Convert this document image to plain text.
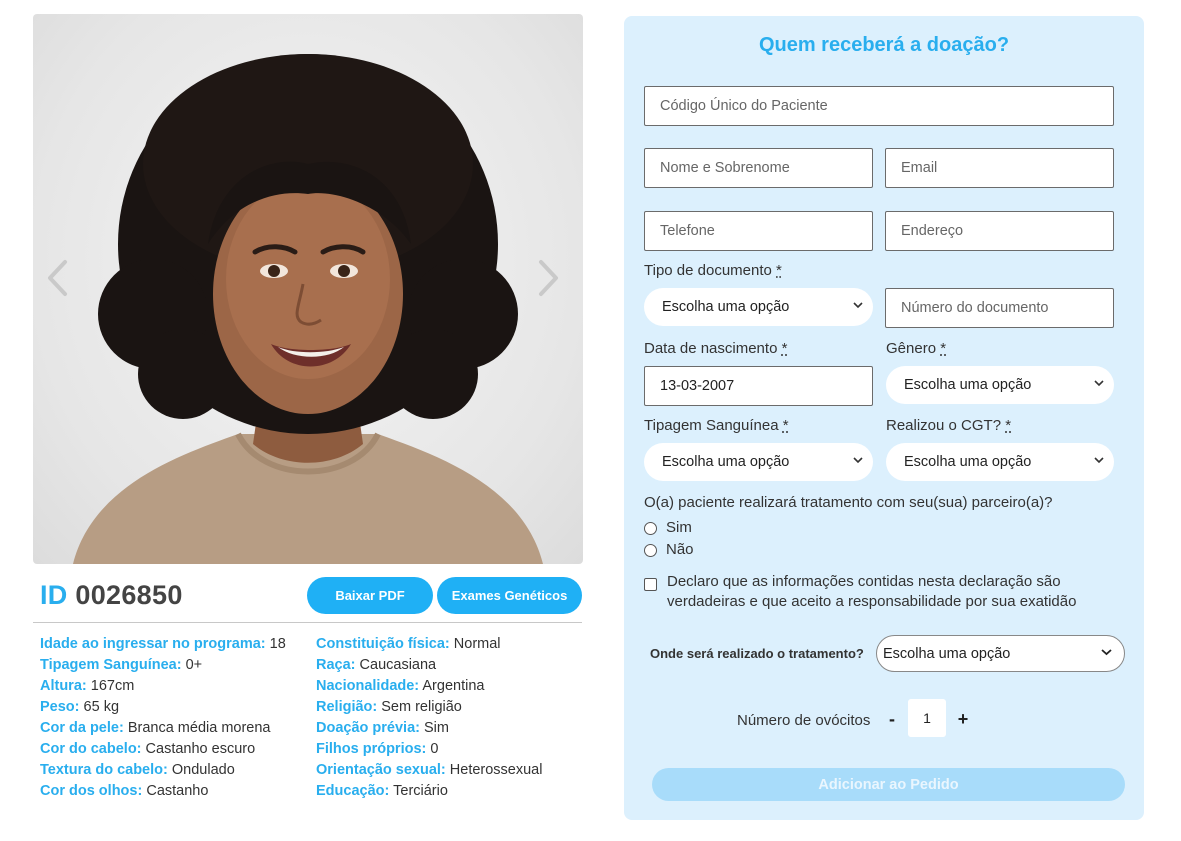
ID 0026850	Baixar PDF	Exames Genéticos
Idade ao ingressar no programa: 18
Tipagem Sanguínea: 0+
Altura: 167cm
Peso: 65 kg
Cor da pele: Branca média morena
Cor do cabelo: Castanho escuro
Textura do cabelo: Ondulado
Cor dos olhos: Castanho
Constituição física: Normal
Raça: Caucasiana
Nacionalidade: Argentina
Religião: Sem religião
Doação prévia: Sim
Filhos próprios: 0
Orientação sexual: Heterossexual
Educação: Terciário
Quem receberá a doação?
Código Único do Paciente
Nome e Sobrenome	Email
Telefone	Endereço
Tipo de documento *
Escolha uma opção	Número do documento
Data de nascimento *	Gênero *
13-03-2007	Escolha uma opção
Tipagem Sanguínea *	Realizou o CGT? *
Escolha uma opção	Escolha uma opção
O(a) paciente realizará tratamento com seu(sua) parceiro(a)?
Sim
Não
Declaro que as informações contidas nesta declaração são verdadeiras e que aceito a responsabilidade por sua exatidão
Onde será realizado o tratamento? Escolha uma opção
Número de ovócitos -	1	+
Adicionar ao Pedido
